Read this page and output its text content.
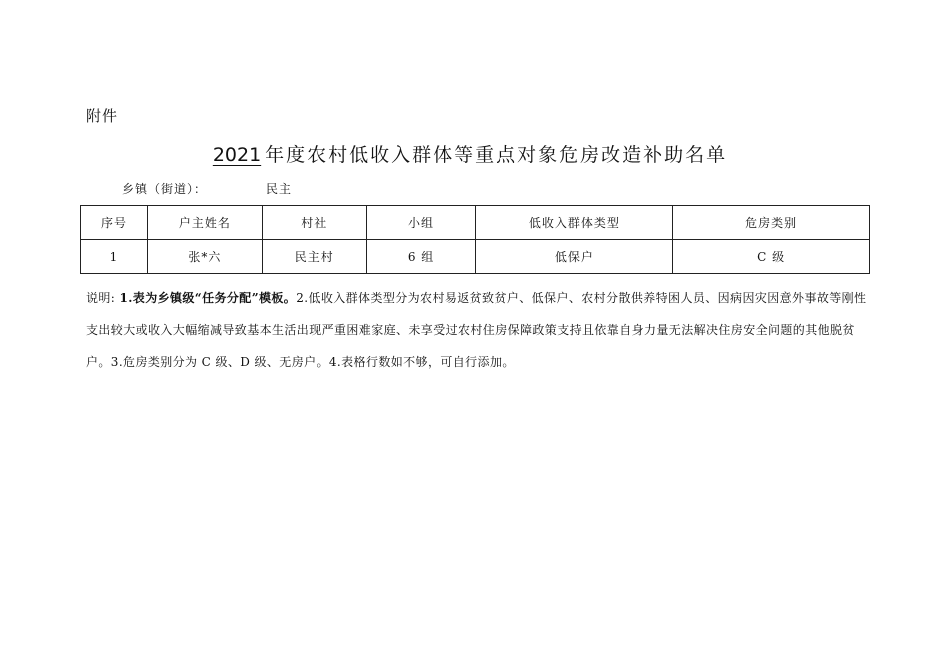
附件
2021 年度农村低收入群体等重点对象危房改造补助名单
乡镇（街道）：	民主
序号	户主姓名	村社	小组	低收入群体类型	危房类别
1	张*六	民主村	6 组	低保户	C 级
说明: 1.表为乡镇级“任务分配”模板。2.低收入群体类型分为农村易返贫致贫户、低保户、农村分散供养特困人员、因病因灾因意外事故等刚性支出较大或收入大幅缩减导致基本生活出现严重困难家庭、未享受过农村住房保障政策支持且依靠自身力量无法解决住房安全问题的其他脱贫户。3.危房类别分为 C 级、D 级、无房户。4.表格行数如不够，可自行添加。
